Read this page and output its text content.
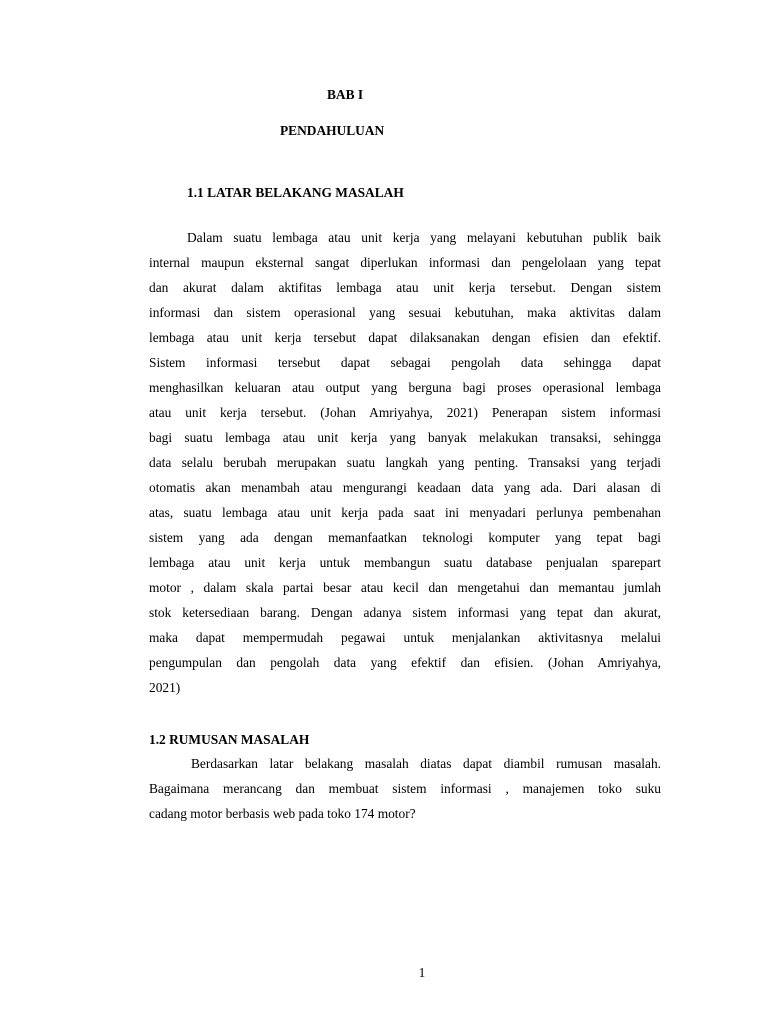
BAB I
PENDAHULUAN
1.1 LATAR BELAKANG MASALAH
Dalam suatu lembaga atau unit kerja yang melayani kebutuhan publik baik
internal maupun eksternal sangat diperlukan informasi dan pengelolaan yang tepat
dan akurat dalam aktifitas lembaga atau unit kerja tersebut. Dengan sistem
informasi dan sistem operasional yang sesuai kebutuhan, maka aktivitas dalam
lembaga atau unit kerja tersebut dapat dilaksanakan dengan efisien dan efektif.
Sistem informasi tersebut dapat sebagai pengolah data sehingga dapat
menghasilkan keluaran atau output yang berguna bagi proses operasional lembaga
atau unit kerja tersebut. (Johan Amriyahya, 2021) Penerapan sistem informasi
bagi suatu lembaga atau unit kerja yang banyak melakukan transaksi, sehingga
data selalu berubah merupakan suatu langkah yang penting. Transaksi yang terjadi
otomatis akan menambah atau mengurangi keadaan data yang ada. Dari alasan di
atas, suatu lembaga atau unit kerja pada saat ini menyadari perlunya pembenahan
sistem yang ada dengan memanfaatkan teknologi komputer yang tepat bagi
lembaga atau unit kerja untuk membangun suatu database penjualan sparepart
motor , dalam skala partai besar atau kecil dan mengetahui dan memantau jumlah
stok ketersediaan barang. Dengan adanya sistem informasi yang tepat dan akurat,
maka dapat mempermudah pegawai untuk menjalankan aktivitasnya melalui
pengumpulan dan pengolah data yang efektif dan efisien. (Johan Amriyahya,
2021)
1.2 RUMUSAN MASALAH
Berdasarkan latar belakang masalah diatas dapat diambil rumusan masalah.
Bagaimana merancang dan membuat sistem informasi , manajemen toko suku
cadang motor berbasis web pada toko 174 motor?
1
